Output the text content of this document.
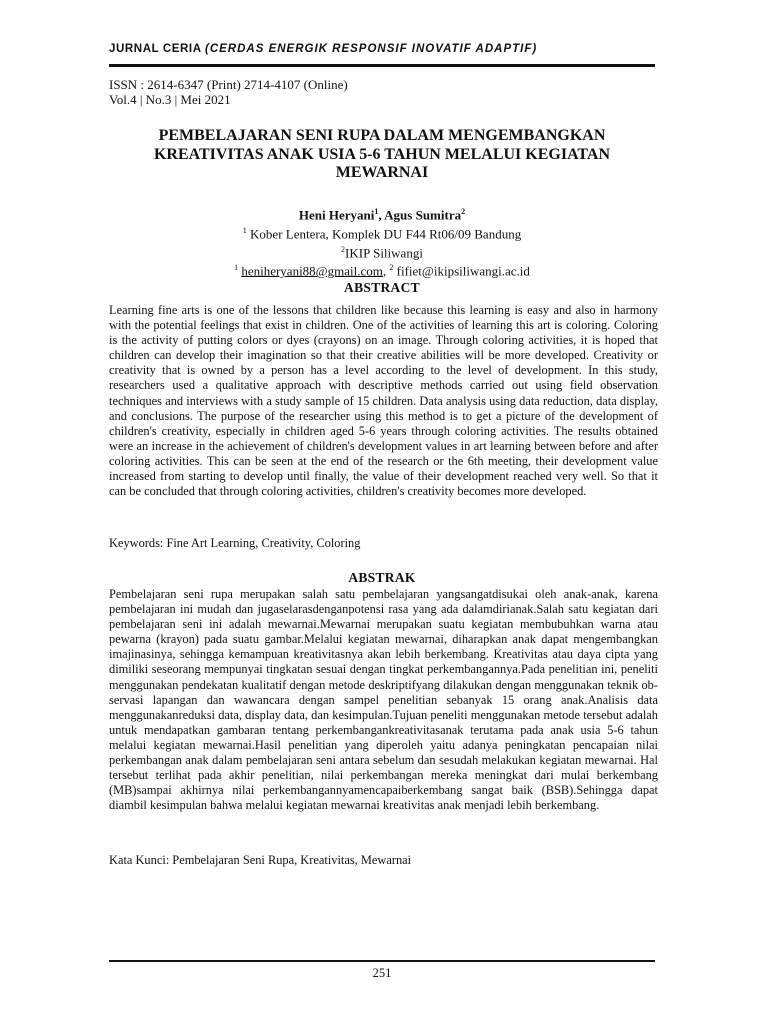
JURNAL CERIA (CERDAS ENERGIK RESPONSIF INOVATIF ADAPTIF)
ISSN : 2614-6347 (Print) 2714-4107 (Online)
Vol.4 | No.3 | Mei 2021
PEMBELAJARAN SENI RUPA DALAM MENGEMBANGKAN KREATIVITAS ANAK USIA 5-6 TAHUN MELALUI KEGIATAN MEWARNAI
Heni Heryani$^1$, Agus Sumitra$^2$
$^1$ Kober Lentera, Komplek DU F44 Rt06/09 Bandung
$^2$IKIP Siliwangi
$^1$ heniheryani88@gmail.com, $^2$ fifiet@ikipsiliwangi.ac.id
ABSTRACT
Learning fine arts is one of the lessons that children like because this learning is easy and also in harmony with the potential feelings that exist in children. One of the activities of learning this art is coloring. Coloring is the activity of putting colors or dyes (crayons) on an image. Through coloring activities, it is hoped that children can develop their imagination so that their creative abilities will be more developed. Creativity or creativity that is owned by a person has a level according to the level of development. In this study, researchers used a qualitative approach with descriptive methods carried out using field observation techniques and interviews with a study sample of 15 children. Data analysis using data reduction, data display, and conclusions. The purpose of the researcher using this method is to get a picture of the development of children's creativity, especially in children aged 5-6 years through coloring activities. The results obtained were an increase in the achievement of children's development values in art learning between before and after coloring activities. This can be seen at the end of the research or the 6th meeting, their development value increased from starting to develop until finally, the value of their development reached very well. So that it can be concluded that through coloring activities, children's creativity becomes more developed.
Keywords: Fine Art Learning, Creativity, Coloring
ABSTRAK
Pembelajaran seni rupa merupakan salah satu pembelajaran yangsangatdisukai oleh anak-anak, karena pembelajaran ini mudah dan jugaselarasdenganpotensi rasa yang ada dalamdirianak.Salah satu kegiatan dari pembelajaran seni ini adalah mewarnai.Mewarnai merupakan suatu kegiatan membubuhkan warna atau pewarna (krayon) pada suatu gambar.Melalui kegiatan mewarnai, diharapkan anak dapat mengembangkan imajinasinya, sehingga kemampuan kreativitasnya akan lebih berkembang. Kreativitas atau daya cipta yang dimiliki seseorang mempunyai tingkatan sesuai dengan tingkat perkembangannya.Pada penelitian ini, peneliti menggunakan pendekatan kualitatif dengan metode deskriptifyang dilakukan dengan menggunakan teknik observasi lapangan dan wawancara dengan sampel penelitian sebanyak 15 orang anak.Analisis data menggunakanreduksi data, display data, dan kesimpulan.Tujuan peneliti menggunakan metode tersebut adalah untuk mendapatkan gambaran tentang perkembangankreativitasanak terutama pada anak usia 5-6 tahun melalui kegiatan mewarnai.Hasil penelitian yang diperoleh yaitu adanya peningkatan pencapaian nilai perkembangan anak dalam pembelajaran seni antara sebelum dan sesudah melakukan kegiatan mewarnai. Hal tersebut terlihat pada akhir penelitian, nilai perkembangan mereka meningkat dari mulai berkembang (MB)sampai akhirnya nilai perkembangannyamencapaiberkembang sangat baik (BSB).Sehingga dapat diambil kesimpulan bahwa melalui kegiatan mewarnai kreativitas anak menjadi lebih berkembang.
Kata Kunci: Pembelajaran Seni Rupa, Kreativitas, Mewarnai
251
